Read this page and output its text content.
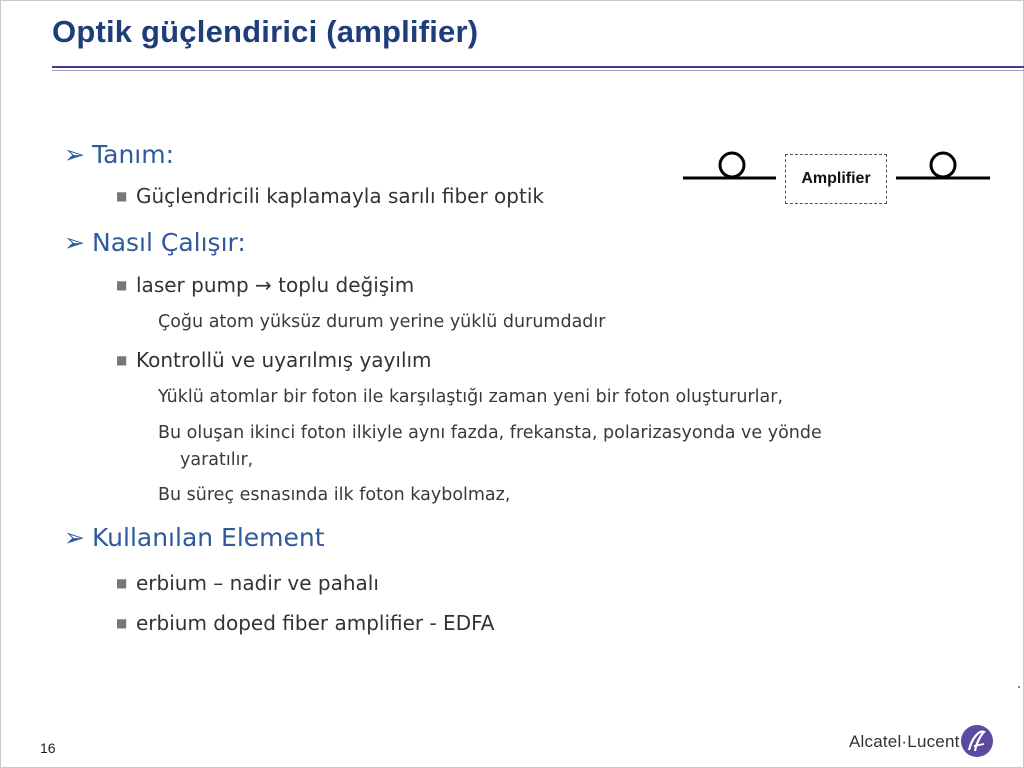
Optik güçlendirici (amplifier)
➢ Tanım:
■ Güçlendricili kaplamayla sarılı fiber optik
➢ Nasıl Çalışır:
■ laser pump → toplu değişim
Çoğu atom yüksüz durum yerine yüklü durumdadır
■ Kontrollü ve uyarılmış yayılım
Yüklü atomlar bir foton ile karşılaştığı zaman yeni bir foton oluştururlar,
Bu oluşan ikinci foton ilkiyle aynı fazda, frekansta, polarizasyonda ve yönde
yaratılır,
Bu süreç esnasında ilk foton kaybolmaz,
➢ Kullanılan Element
■ erbium – nadir ve pahalı
■ erbium doped fiber amplifier - EDFA
Amplifier
16	Alcatel·Lucent
